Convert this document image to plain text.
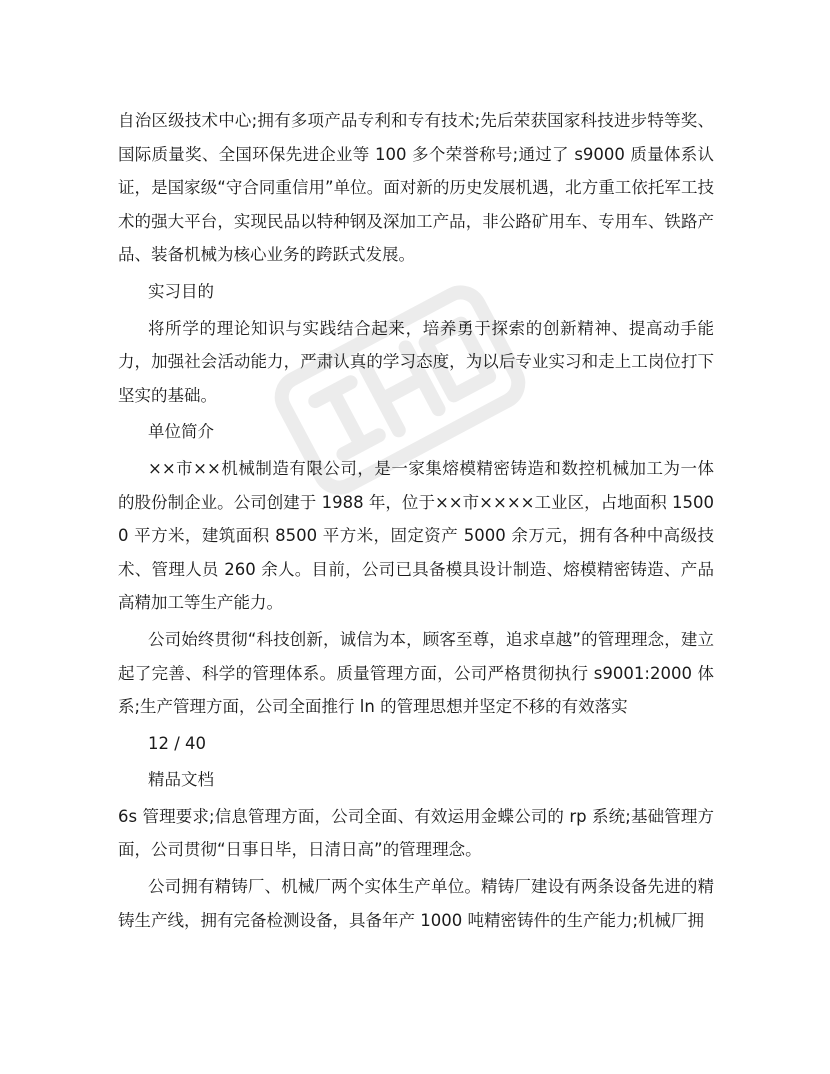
自治区级技术中心;拥有多项产品专利和专有技术;先后荣获国家科技进步特等奖、国际质量奖、全国环保先进企业等 100 多个荣誉称号;通过了 s9000 质量体系认证，是国家级“守合同重信用”单位。面对新的历史发展机遇，北方重工依托军工技术的强大平台，实现民品以特种钢及深加工产品，非公路矿用车、专用车、铁路产品、装备机械为核心业务的跨跃式发展。

实习目的

将所学的理论知识与实践结合起来，培养勇于探索的创新精神、提高动手能力，加强社会活动能力，严肃认真的学习态度，为以后专业实习和走上工岗位打下坚实的基础。

单位简介

××市××机械制造有限公司，是一家集熔模精密铸造和数控机械加工为一体的股份制企业。公司创建于 1988 年，位于××市××××工业区，占地面积 15000 平方米，建筑面积 8500 平方米，固定资产 5000 余万元，拥有各种中高级技术、管理人员 260 余人。目前，公司已具备模具设计制造、熔模精密铸造、产品高精加工等生产能力。

公司始终贯彻“科技创新，诚信为本，顾客至尊，追求卓越”的管理理念，建立起了完善、科学的管理体系。质量管理方面，公司严格贯彻执行 s9001:2000 体系;生产管理方面，公司全面推行 ln 的管理思想并坚定不移的有效落实

12 / 40

精品文档

6s 管理要求;信息管理方面，公司全面、有效运用金蝶公司的 rp 系统;基础管理方面，公司贯彻“日事日毕，日清日高”的管理理念。

公司拥有精铸厂、机械厂两个实体生产单位。精铸厂建设有两条设备先进的精铸生产线，拥有完备检测设备，具备年产 1000 吨精密铸件的生产能力;机械厂拥
